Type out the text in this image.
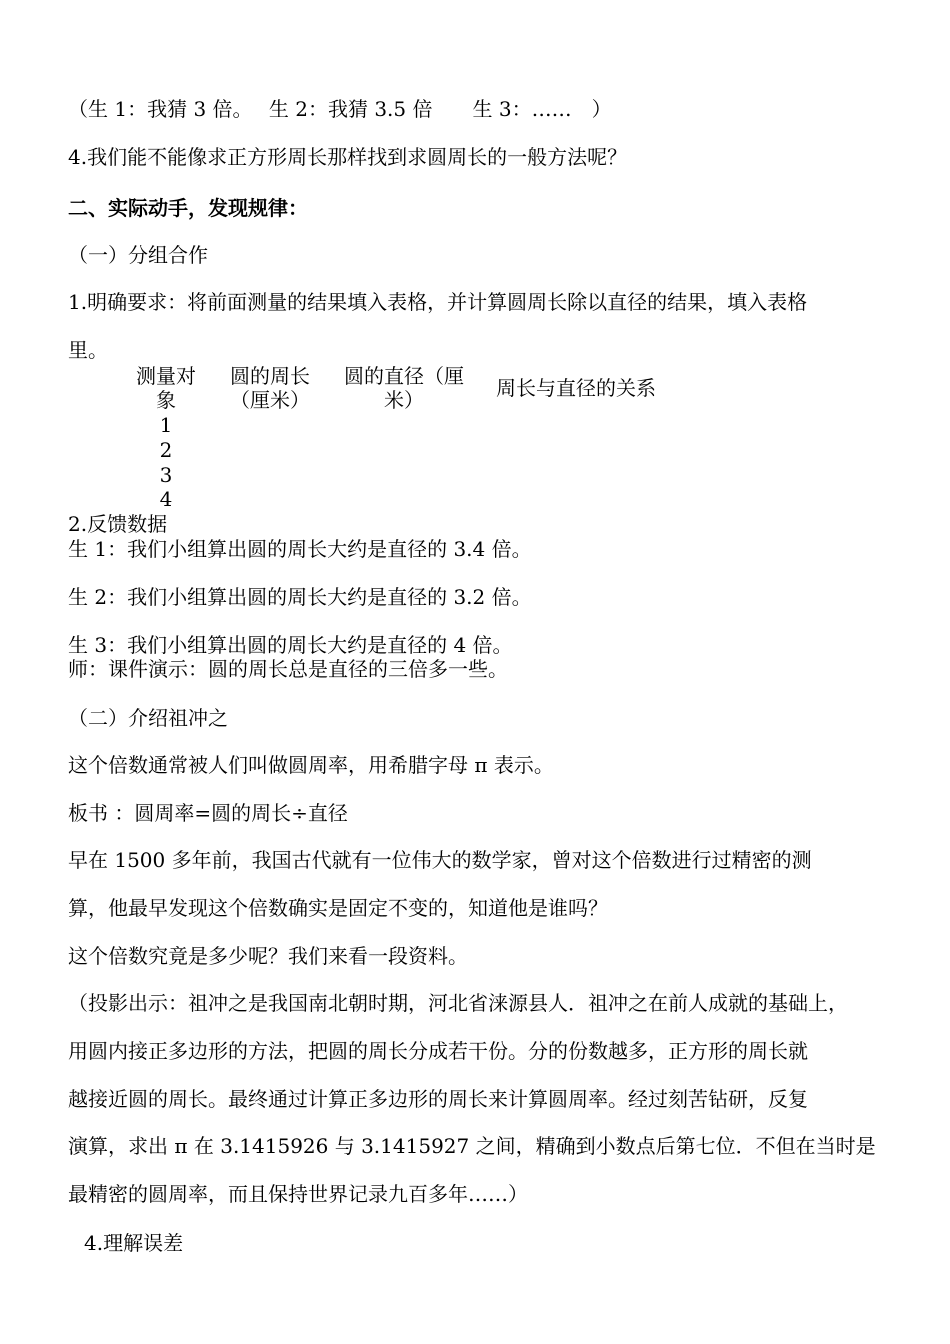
（生 1：我猜 3 倍。　 生 2：我猜 3.5 倍　　生 3：……　）
4.我们能不能像求正方形周长那样找到求圆周长的一般方法呢？
二、实际动手，发现规律：
（一）分组合作
1.明确要求：将前面测量的结果填入表格，并计算圆周长除以直径的结果，填入表格
里。
测量对
象
圆的周长
（厘米）
圆的直径（厘
米）	周长与直径的关系
1
2
3
4
2.反馈数据
生 1：我们小组算出圆的周长大约是直径的 3.4 倍。
生 2：我们小组算出圆的周长大约是直径的 3.2 倍。
生 3：我们小组算出圆的周长大约是直径的 4 倍。
师：课件演示：圆的周长总是直径的三倍多一些。
（二）介绍祖冲之
这个倍数通常被人们叫做圆周率，用希腊字母 π 表示。
板书 ：圆周率=圆的周长÷直径
早在 1500 多年前，我国古代就有一位伟大的数学家，曾对这个倍数进行过精密的测
算，他最早发现这个倍数确实是固定不变的，知道他是谁吗？
这个倍数究竟是多少呢？我们来看一段资料。
（投影出示：祖冲之是我国南北朝时期，河北省涞源县人．祖冲之在前人成就的基础上，
用圆内接正多边形的方法，把圆的周长分成若干份。分的份数越多，正方形的周长就
越接近圆的周长。最终通过计算正多边形的周长来计算圆周率。经过刻苦钻研，反复
演算，求出 π 在 3.1415926 与 3.1415927 之间，精确到小数点后第七位．不但在当时是
最精密的圆周率，而且保持世界记录九百多年……）
4.理解误差
